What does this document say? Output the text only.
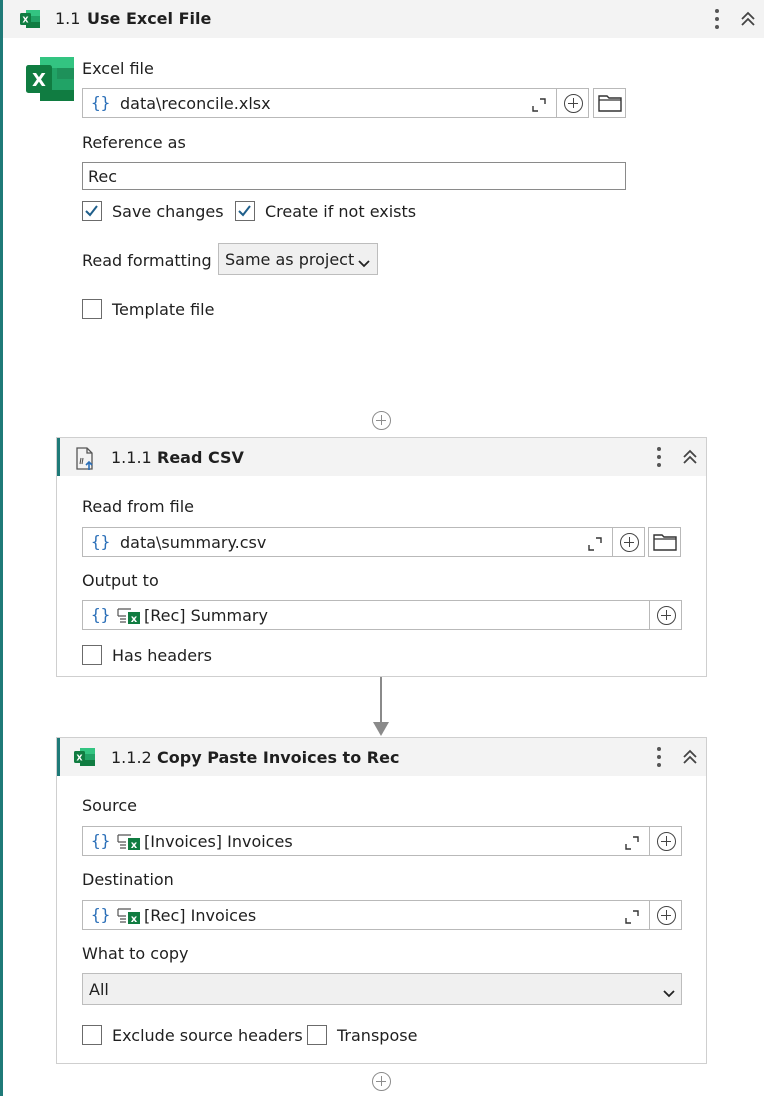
X 1.1 Use Excel File
X
Excel file
{} data\reconcile.xlsx
Reference as
Rec
Save changes	Create if not exists
Read formatting Same as project
Template file
1.1.1 Read CSV
Read from file
{} data\summary.csv
Output to
{} x [Rec] Summary
Has headers
X 1.1.2 Copy Paste Invoices to Rec
Source
{} x [Invoices] Invoices
Destination
{} x [Rec] Invoices
What to copy
All
Exclude source headers Transpose
